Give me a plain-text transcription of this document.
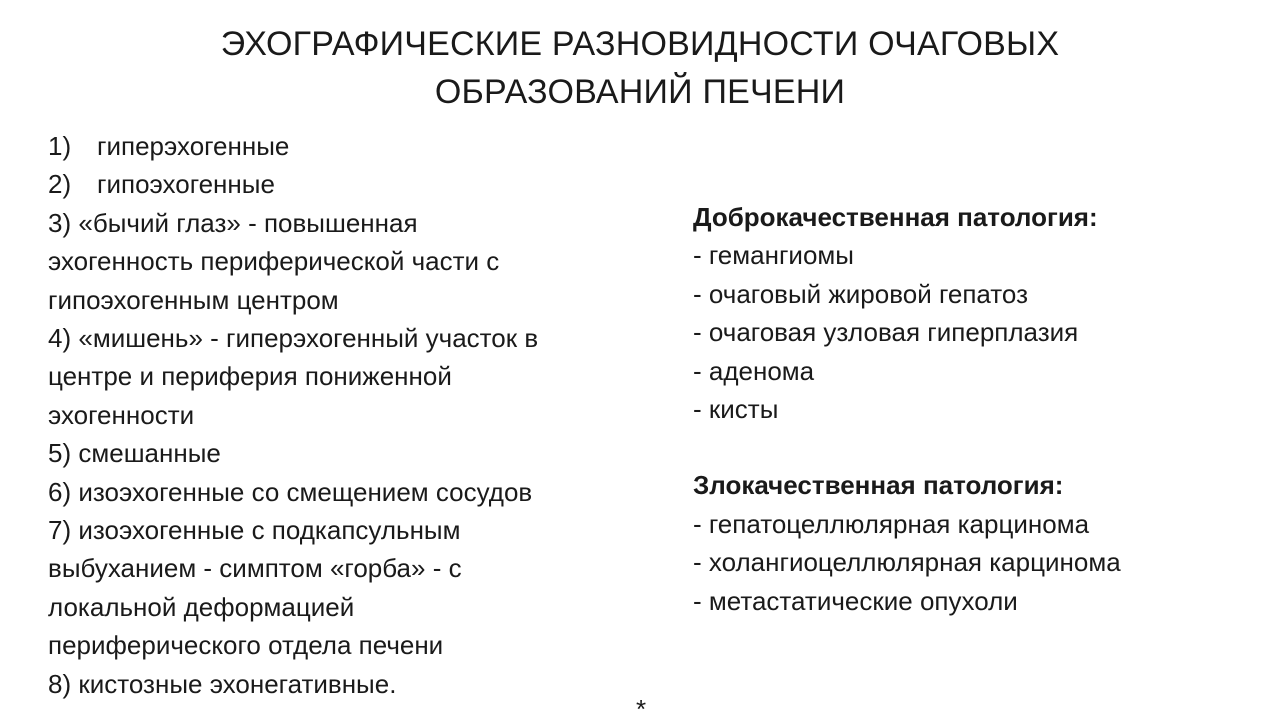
ЭХОГРАФИЧЕСКИЕ РАЗНОВИДНОСТИ ОЧАГОВЫХ
ОБРАЗОВАНИЙ ПЕЧЕНИ
1) гиперэхогенные
2) гипоэхогенные
3) «бычий глаз» - повышенная
эхогенность периферической части с
гипоэхогенным центром
4) «мишень» - гиперэхогенный участок в
центре и периферия пониженной
эхогенности
5) смешанные
6) изоэхогенные со смещением сосудов
7) изоэхогенные с подкапсульным
выбуханием - симптом «горба» - с
локальной деформацией
периферического отдела печени
8) кистозные эхонегативные.
Доброкачественная патология:
- гемангиомы
- очаговый жировой гепатоз
- очаговая узловая гиперплазия
- аденома
- кисты
Злокачественная патология:
- гепатоцеллюлярная карцинома
- холангиоцеллюлярная карцинома
- метастатические опухоли
*
